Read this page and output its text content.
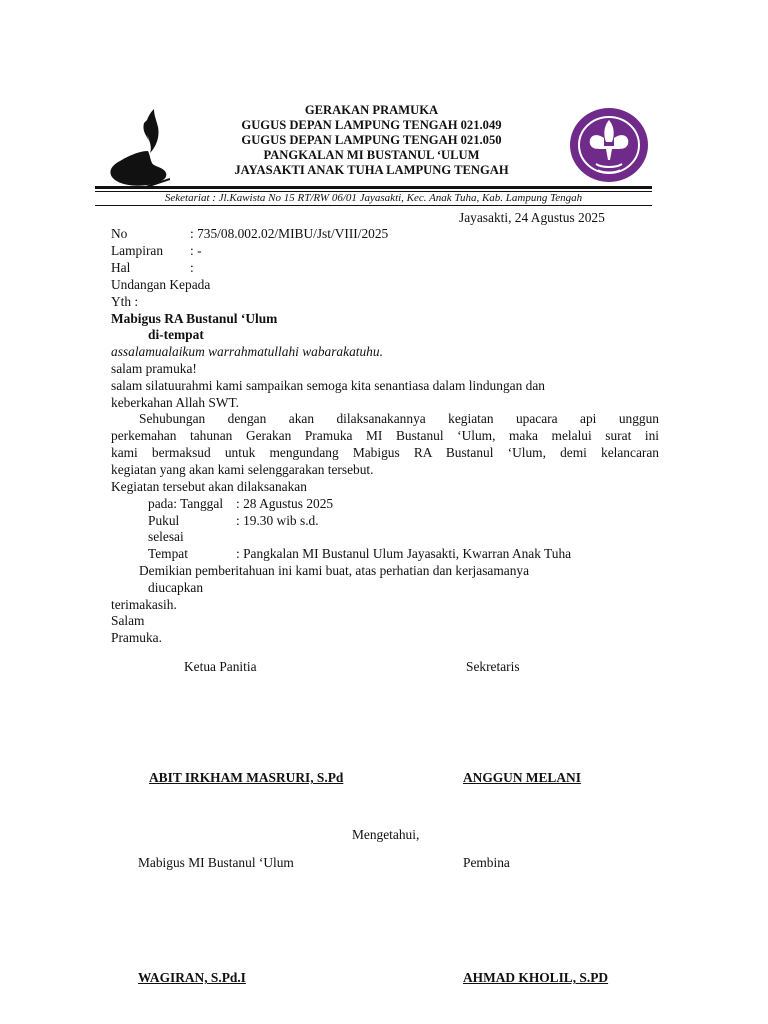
GERAKAN PRAMUKA
GUGUS DEPAN LAMPUNG TENGAH 021.049
GUGUS DEPAN LAMPUNG TENGAH 021.050
PANGKALAN MI BUSTANUL ‘ULUM
JAYASAKTI ANAK TUHA LAMPUNG TENGAH
Seketariat : Jl.Kawista No 15 RT/RW 06/01 Jayasakti, Kec. Anak Tuha, Kab. Lampung Tengah
Jayasakti, 24 Agustus 2025
No	: 735/08.002.02/MIBU/Jst/VIII/2025
Lampiran : -
Hal	:
Undangan Kepada
Yth :
Mabigus RA Bustanul ‘Ulum
di-tempat
assalamualaikum warrahmatullahi wabarakatuhu.
salam pramuka!
salam silatuurahmi kami sampaikan semoga kita senantiasa dalam lindungan dan
keberkahan Allah SWT.
Sehubungan dengan akan dilaksanakannya kegiatan upacara api unggun
perkemahan tahunan Gerakan Pramuka MI Bustanul ‘Ulum, maka melalui surat ini
kami bermaksud untuk mengundang Mabigus RA Bustanul ‘Ulum, demi kelancaran
kegiatan yang akan kami selenggarakan tersebut.
Kegiatan tersebut akan dilaksanakan
pada: Tanggal : 28 Agustus 2025
Pukul	: 19.30 wib s.d.
selesai
Tempat	: Pangkalan MI Bustanul Ulum Jayasakti, Kwarran Anak Tuha
Demikian pemberitahuan ini kami buat, atas perhatian dan kerjasamanya
diucapkan
terimakasih.
Salam
Pramuka.
Ketua Panitia	Sekretaris
ABIT IRKHAM MASRURI, S.Pd	ANGGUN MELANI
Mengetahui,
Mabigus MI Bustanul ‘Ulum	Pembina
WAGIRAN, S.Pd.I	AHMAD KHOLIL, S.PD
